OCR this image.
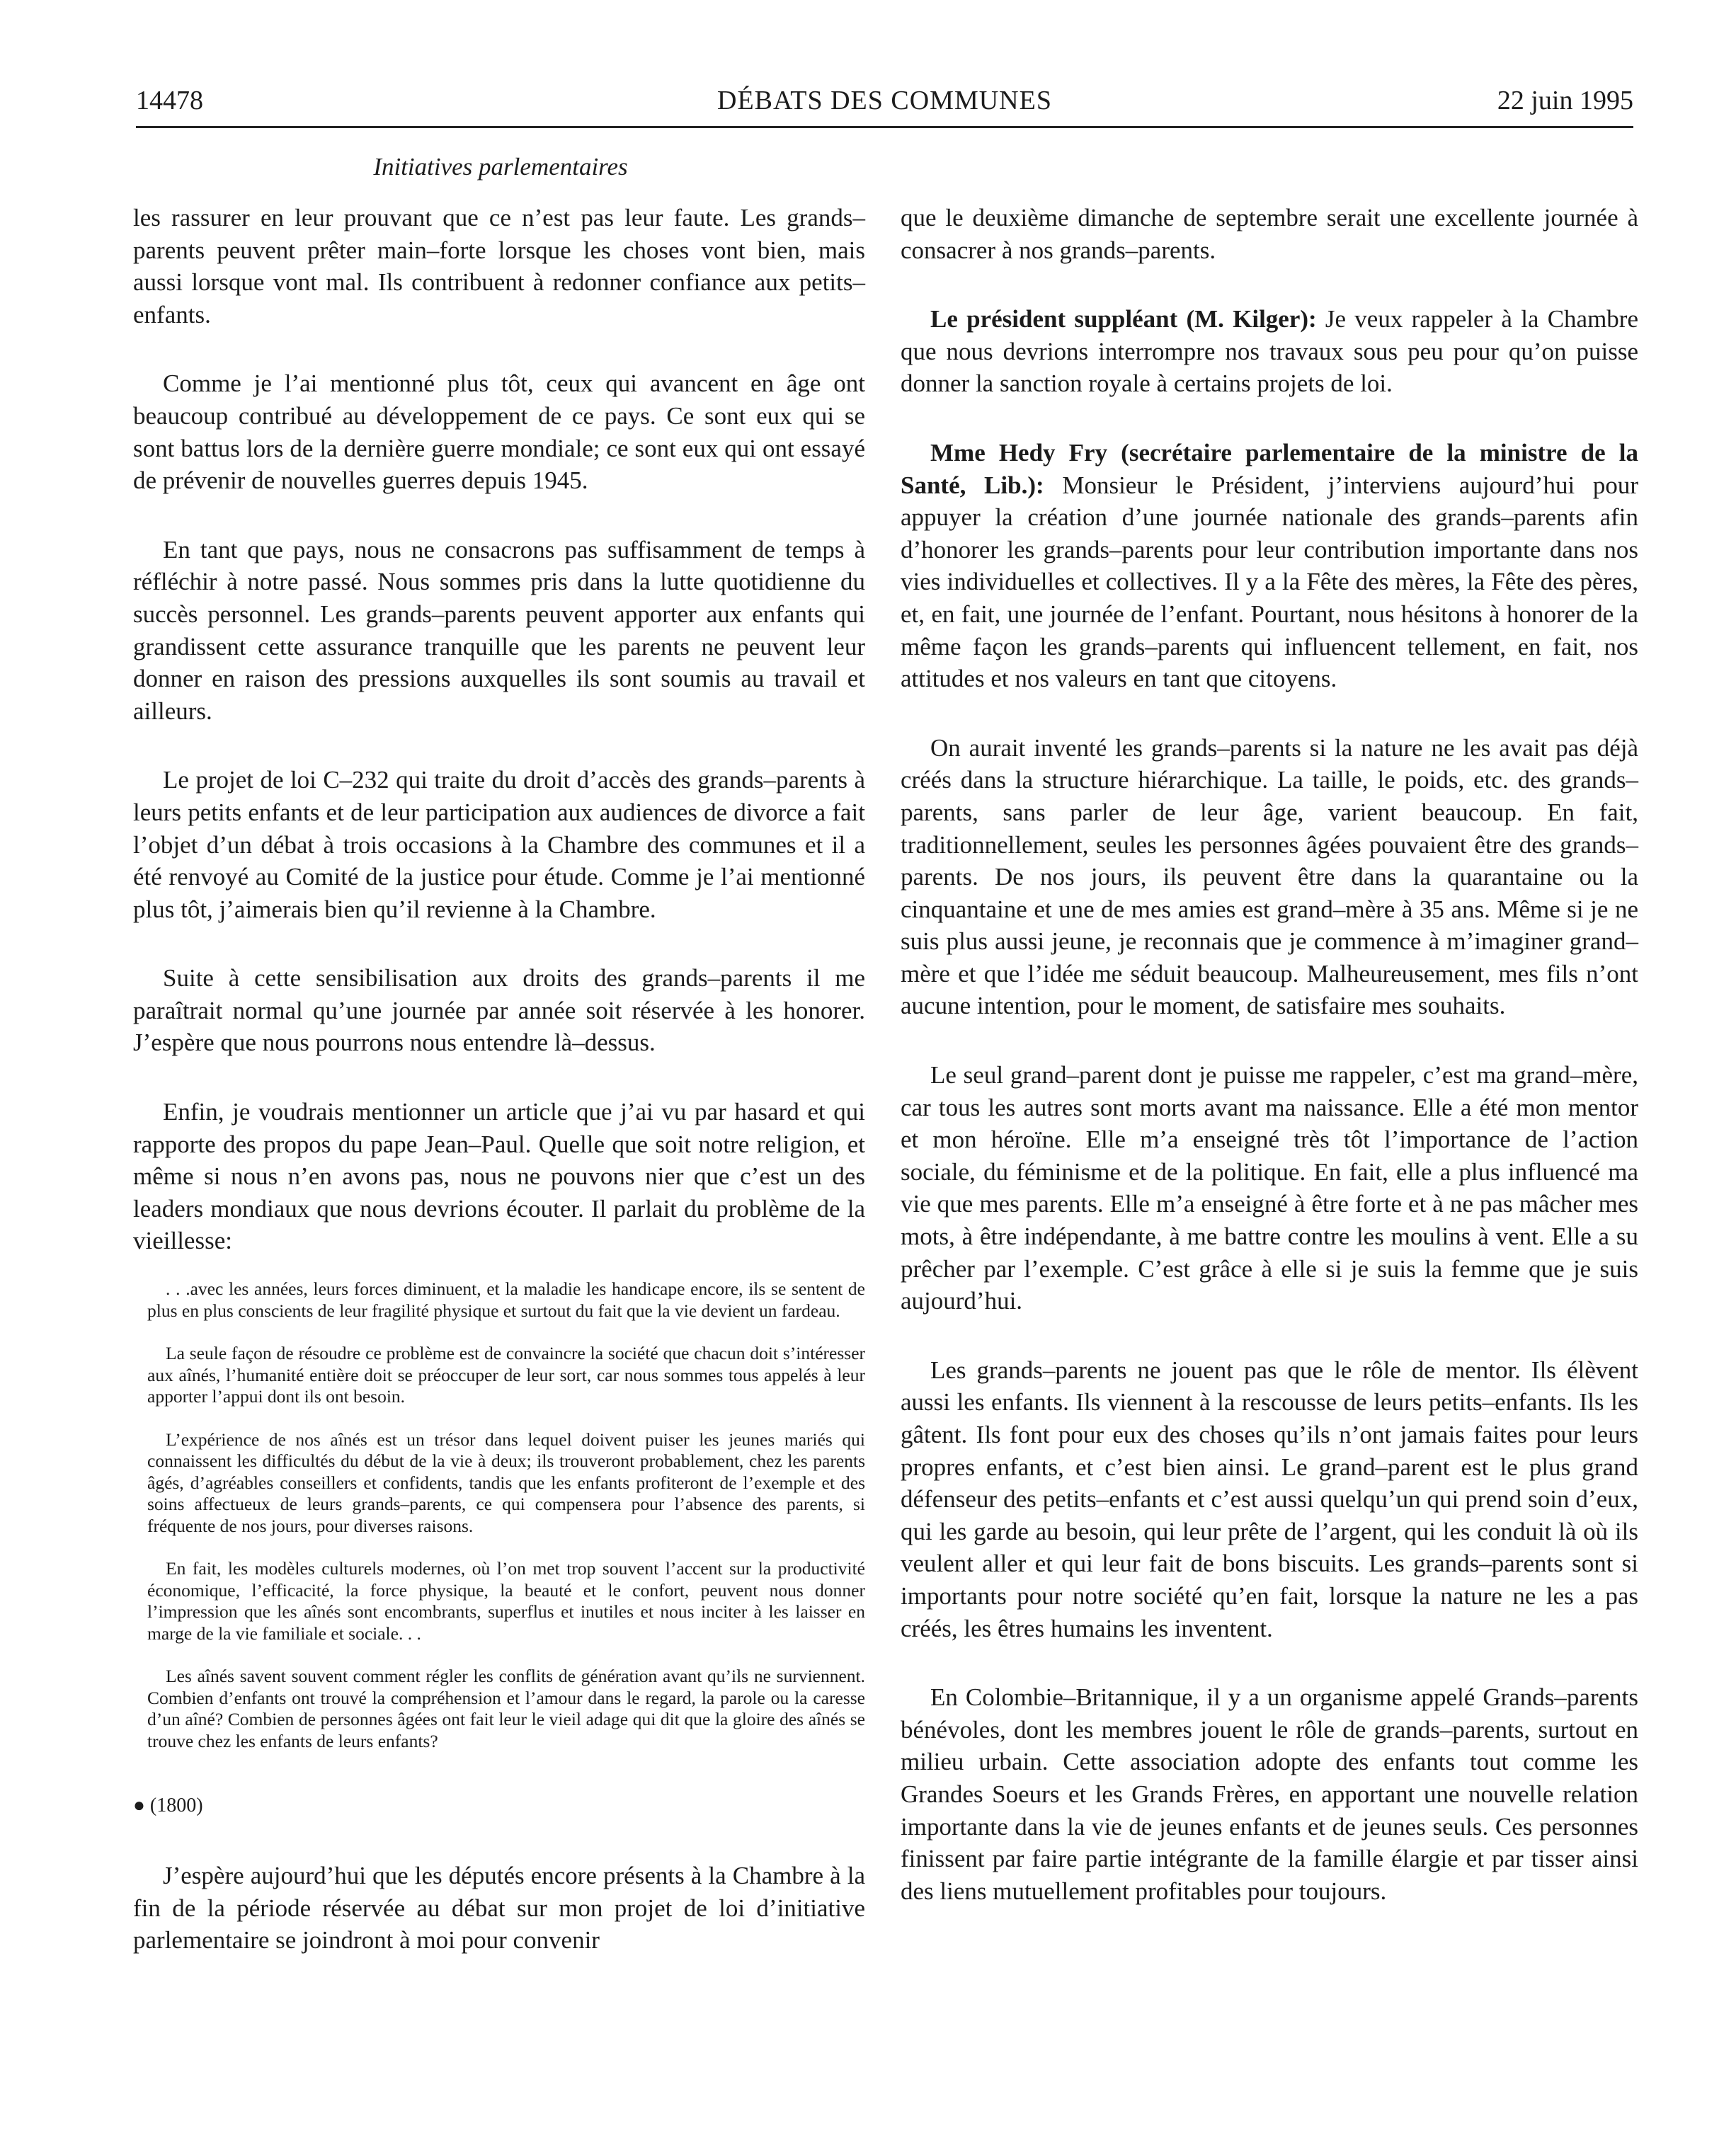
14478	DÉBATS DES COMMUNES	22 juin 1995
Initiatives parlementaires

les rassurer en leur prouvant que ce n’est pas leur faute. Les grands–parents peuvent prêter main–forte lorsque les choses vont bien, mais aussi lorsque vont mal. Ils contribuent à redonner confiance aux petits–enfants.

Comme je l’ai mentionné plus tôt, ceux qui avancent en âge ont beaucoup contribué au développement de ce pays. Ce sont eux qui se sont battus lors de la dernière guerre mondiale; ce sont eux qui ont essayé de prévenir de nouvelles guerres depuis 1945.

En tant que pays, nous ne consacrons pas suffisamment de temps à réfléchir à notre passé. Nous sommes pris dans la lutte quotidienne du succès personnel. Les grands–parents peuvent apporter aux enfants qui grandissent cette assurance tranquille que les parents ne peuvent leur donner en raison des pressions auxquelles ils sont soumis au travail et ailleurs.

Le projet de loi C–232 qui traite du droit d’accès des grands–parents à leurs petits enfants et de leur participation aux audiences de divorce a fait l’objet d’un débat à trois occasions à la Chambre des communes et il a été renvoyé au Comité de la justice pour étude. Comme je l’ai mentionné plus tôt, j’aimerais bien qu’il revienne à la Chambre.

Suite à cette sensibilisation aux droits des grands–parents il me paraîtrait normal qu’une journée par année soit réservée à les honorer. J’espère que nous pourrons nous entendre là–dessus.

Enfin, je voudrais mentionner un article que j’ai vu par hasard et qui rapporte des propos du pape Jean–Paul. Quelle que soit notre religion, et même si nous n’en avons pas, nous ne pouvons nier que c’est un des leaders mondiaux que nous devrions écouter. Il parlait du problème de la vieillesse:

. . .avec les années, leurs forces diminuent, et la maladie les handicape encore, ils se sentent de plus en plus conscients de leur fragilité physique et surtout du fait que la vie devient un fardeau.

La seule façon de résoudre ce problème est de convaincre la société que chacun doit s’intéresser aux aînés, l’humanité entière doit se préoccuper de leur sort, car nous sommes tous appelés à leur apporter l’appui dont ils ont besoin.

L’expérience de nos aînés est un trésor dans lequel doivent puiser les jeunes mariés qui connaissent les difficultés du début de la vie à deux; ils trouveront probablement, chez les parents âgés, d’agréables conseillers et confidents, tandis que les enfants profiteront de l’exemple et des soins affectueux de leurs grands–parents, ce qui compensera pour l’absence des parents, si fréquente de nos jours, pour diverses raisons.

En fait, les modèles culturels modernes, où l’on met trop souvent l’accent sur la productivité économique, l’efficacité, la force physique, la beauté et le confort, peuvent nous donner l’impression que les aînés sont encombrants, superflus et inutiles et nous inciter à les laisser en marge de la vie familiale et sociale. . .

Les aînés savent souvent comment régler les conflits de génération avant qu’ils ne surviennent. Combien d’enfants ont trouvé la compréhension et l’amour dans le regard, la parole ou la caresse d’un aîné? Combien de personnes âgées ont fait leur le vieil adage qui dit que la gloire des aînés se trouve chez les enfants de leurs enfants?

● (1800)

J’espère aujourd’hui que les députés encore présents à la Chambre à la fin de la période réservée au débat sur mon projet de loi d’initiative parlementaire se joindront à moi pour convenir

que le deuxième dimanche de septembre serait une excellente journée à consacrer à nos grands–parents.

Le président suppléant (M. Kilger): Je veux rappeler à la Chambre que nous devrions interrompre nos travaux sous peu pour qu’on puisse donner la sanction royale à certains projets de loi.

Mme Hedy Fry (secrétaire parlementaire de la ministre de la Santé, Lib.): Monsieur le Président, j’interviens aujourd’hui pour appuyer la création d’une journée nationale des grands–parents afin d’honorer les grands–parents pour leur contribution importante dans nos vies individuelles et collectives. Il y a la Fête des mères, la Fête des pères, et, en fait, une journée de l’enfant. Pourtant, nous hésitons à honorer de la même façon les grands–parents qui influencent tellement, en fait, nos attitudes et nos valeurs en tant que citoyens.

On aurait inventé les grands–parents si la nature ne les avait pas déjà créés dans la structure hiérarchique. La taille, le poids, etc. des grands–parents, sans parler de leur âge, varient beaucoup. En fait, traditionnellement, seules les personnes âgées pouvaient être des grands–parents. De nos jours, ils peuvent être dans la quarantaine ou la cinquantaine et une de mes amies est grand–mère à 35 ans. Même si je ne suis plus aussi jeune, je reconnais que je commence à m’imaginer grand–mère et que l’idée me séduit beaucoup. Malheureusement, mes fils n’ont aucune intention, pour le moment, de satisfaire mes souhaits.

Le seul grand–parent dont je puisse me rappeler, c’est ma grand–mère, car tous les autres sont morts avant ma naissance. Elle a été mon mentor et mon héroïne. Elle m’a enseigné très tôt l’importance de l’action sociale, du féminisme et de la politique. En fait, elle a plus influencé ma vie que mes parents. Elle m’a enseigné à être forte et à ne pas mâcher mes mots, à être indépendante, à me battre contre les moulins à vent. Elle a su prêcher par l’exemple. C’est grâce à elle si je suis la femme que je suis aujourd’hui.

Les grands–parents ne jouent pas que le rôle de mentor. Ils élèvent aussi les enfants. Ils viennent à la rescousse de leurs petits–enfants. Ils les gâtent. Ils font pour eux des choses qu’ils n’ont jamais faites pour leurs propres enfants, et c’est bien ainsi. Le grand–parent est le plus grand défenseur des petits–enfants et c’est aussi quelqu’un qui prend soin d’eux, qui les garde au besoin, qui leur prête de l’argent, qui les conduit là où ils veulent aller et qui leur fait de bons biscuits. Les grands–parents sont si importants pour notre société qu’en fait, lorsque la nature ne les a pas créés, les êtres humains les inventent.

En Colombie–Britannique, il y a un organisme appelé Grands–parents bénévoles, dont les membres jouent le rôle de grands–parents, surtout en milieu urbain. Cette association adopte des enfants tout comme les Grandes Soeurs et les Grands Frères, en apportant une nouvelle relation importante dans la vie de jeunes enfants et de jeunes seuls. Ces personnes finissent par faire partie intégrante de la famille élargie et par tisser ainsi des liens mutuellement profitables pour toujours.
